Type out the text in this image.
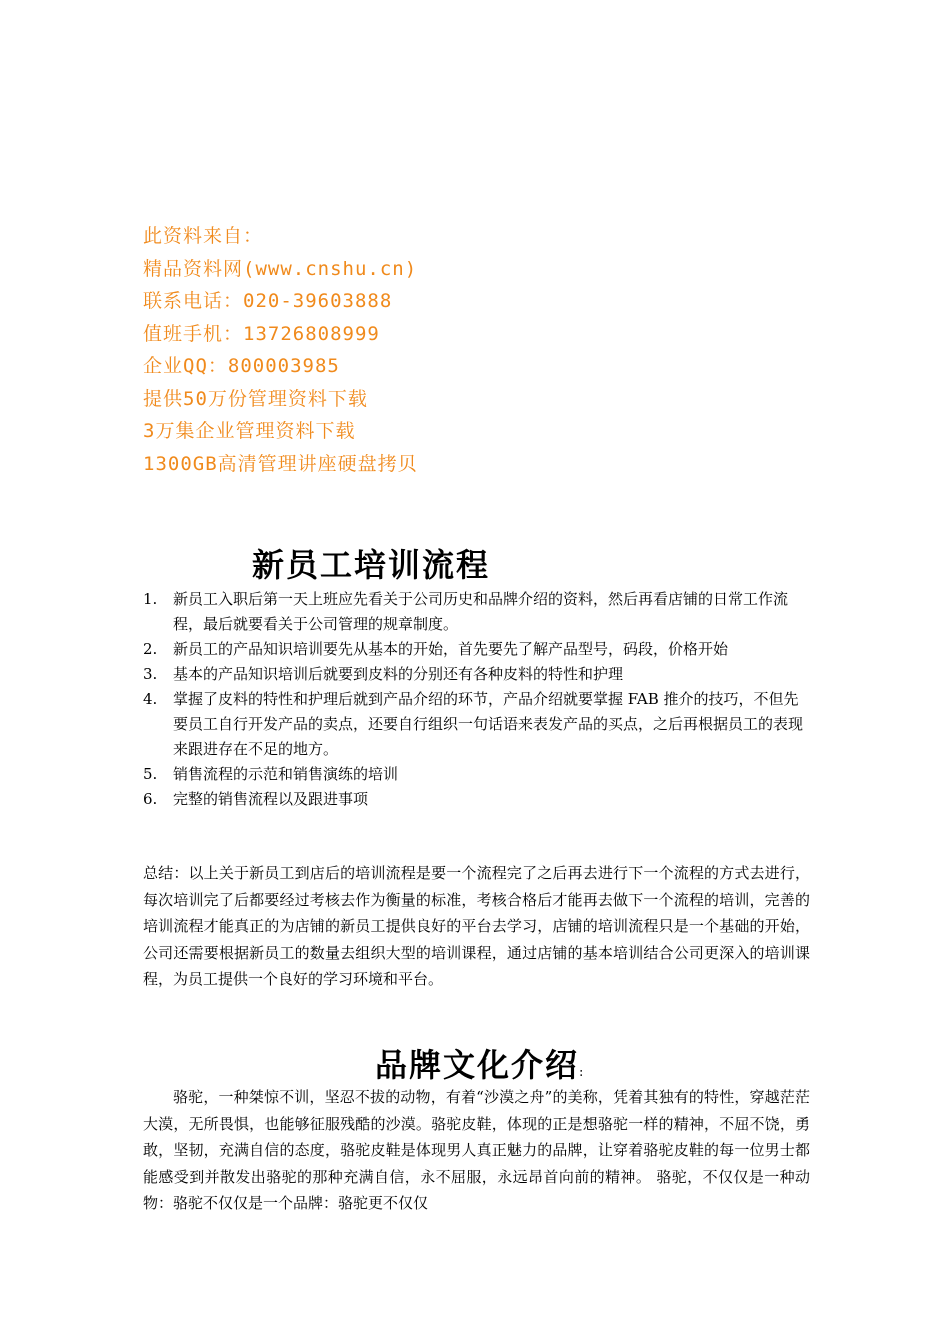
此资料来自：
精品资料网(www.cnshu.cn)
联系电话：020-39603888
值班手机：13726808999
企业QQ：800003985
提供50万份管理资料下载
3万集企业管理资料下载
1300GB高清管理讲座硬盘拷贝
新员工培训流程
1.	新员工入职后第一天上班应先看关于公司历史和品牌介绍的资料，然后再看店铺的日常工作流程，最后就要看关于公司管理的规章制度。
2.	新员工的产品知识培训要先从基本的开始，首先要先了解产品型号，码段，价格开始
3.	基本的产品知识培训后就要到皮料的分别还有各种皮料的特性和护理
4.	掌握了皮料的特性和护理后就到产品介绍的环节，产品介绍就要掌握 FAB 推介的技巧，不但先要员工自行开发产品的卖点，还要自行组织一句话语来表发产品的买点，之后再根据员工的表现来跟进存在不足的地方。
5.	销售流程的示范和销售演练的培训
6.	完整的销售流程以及跟进事项
总结：以上关于新员工到店后的培训流程是要一个流程完了之后再去进行下一个流程的方式去进行，每次培训完了后都要经过考核去作为衡量的标准，考核合格后才能再去做下一个流程的培训，完善的培训流程才能真正的为店铺的新员工提供良好的平台去学习，店铺的培训流程只是一个基础的开始，公司还需要根据新员工的数量去组织大型的培训课程，通过店铺的基本培训结合公司更深入的培训课程，为员工提供一个良好的学习环境和平台。
品牌文化介绍:
骆驼，一种桀惊不训，坚忍不拔的动物，有着“沙漠之舟”的美称，凭着其独有的特性，穿越茫茫大漠，无所畏惧，也能够征服残酷的沙漠。骆驼皮鞋，体现的正是想骆驼一样的精神，不屈不饶，勇敢，坚韧，充满自信的态度，骆驼皮鞋是体现男人真正魅力的品牌，让穿着骆驼皮鞋的每一位男士都能感受到并散发出骆驼的那种充满自信，永不屈服，永远昂首向前的精神。 骆驼，不仅仅是一种动物：骆驼不仅仅是一个品牌：骆驼更不仅仅
